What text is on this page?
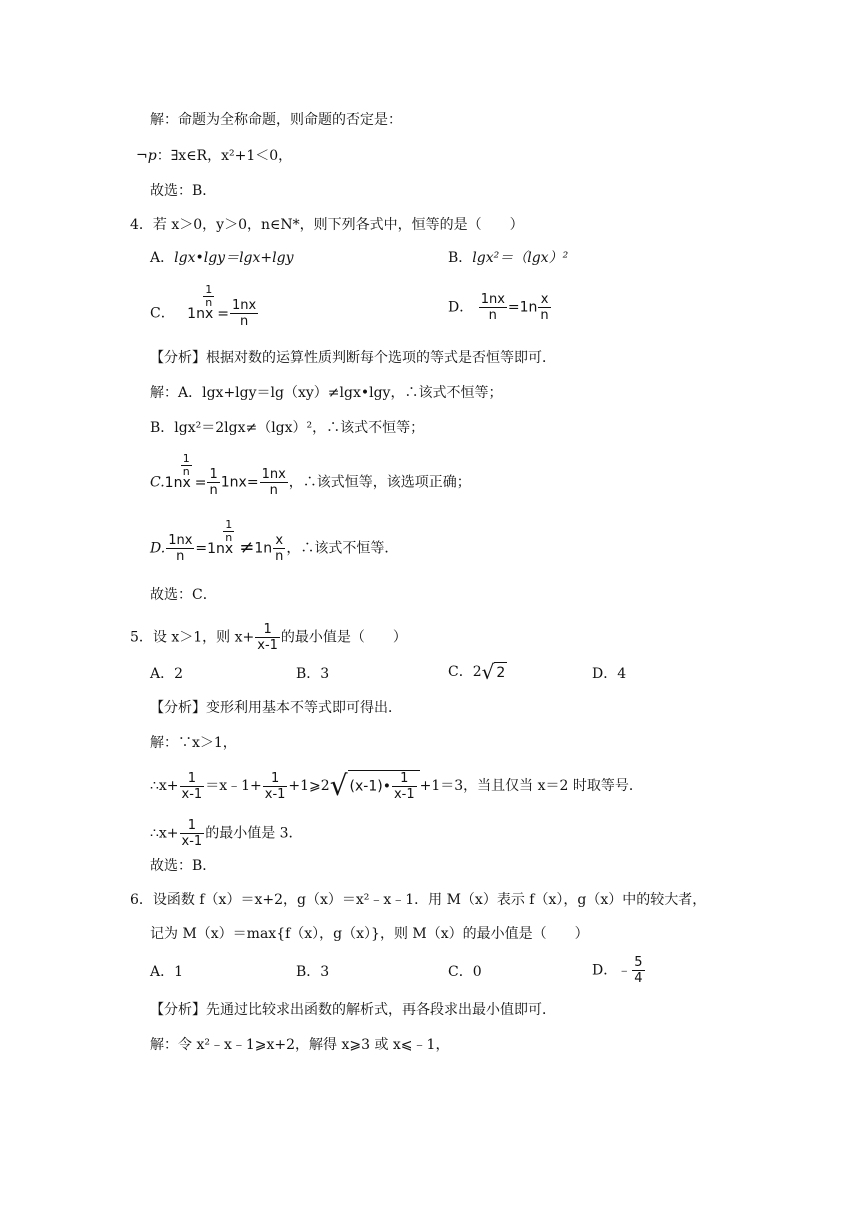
解：命题为全称命题，则命题的否定是：
¬p：∃x∈R，x²+1＜0，
故选：B．
4．若 x＞0，y＞0，n∈N*，则下列各式中，恒等的是（　　）
A．lgx•lgy＝lgx+lgy	B．lgx²＝（lgx）²
C． 1nx
$\frac{1}{n}$
= $\frac{1nx}{n}$	D． $\frac{1nx}{n} =1n \frac{x}{n}$
【分析】根据对数的运算性质判断每个选项的等式是否恒等即可．
解：A．lgx+lgy＝lg（xy）≠lgx•lgy，∴该式不恒等；
B．lgx²＝2lgx≠（lgx）²，∴该式不恒等；
C.1nx
$\frac{1}{n}$
= $\frac{1}{n} 1nx= \frac{1nx}{n}$ ，∴该式恒等，该选项正确；
D. $\frac{1nx}{n} =1nx$
$\frac{1}{n}$
$\ne 1n \frac{x}{n}$ ，∴该式不恒等．
故选：C．
5．设 x＞1，则 $x+ \frac{1}{x-1}$ 的最小值是（　　）
A．2	B．3	C．2√ 2	D．4
【分析】变形利用基本不等式即可得出．
解：∵x＞1，
∴x+ $\frac{1}{x-1}$ ＝x﹣1+ $\frac{1}{x-1}$ +1⩾2√ (x-1)• $\frac{1}{x-1} +1=3$，当且仅当 x＝2 时取等号．
∴x+ $\frac{1}{x-1}$ 的最小值是 3．
故选：B．
6．设函数 f（x）＝x+2，g（x）＝x²﹣x﹣1．用 M（x）表示 f（x），g（x）中的较大者，
记为 M（x）＝max{f（x），g（x）}，则 M（x）的最小值是（　　）
A．1	B．3	C．0	D．﹣ $\frac{5}{4}$
【分析】先通过比较求出函数的解析式，再各段求出最小值即可．
解：令 x²﹣x﹣1⩾x+2，解得 x⩾3 或 x⩽﹣1，
